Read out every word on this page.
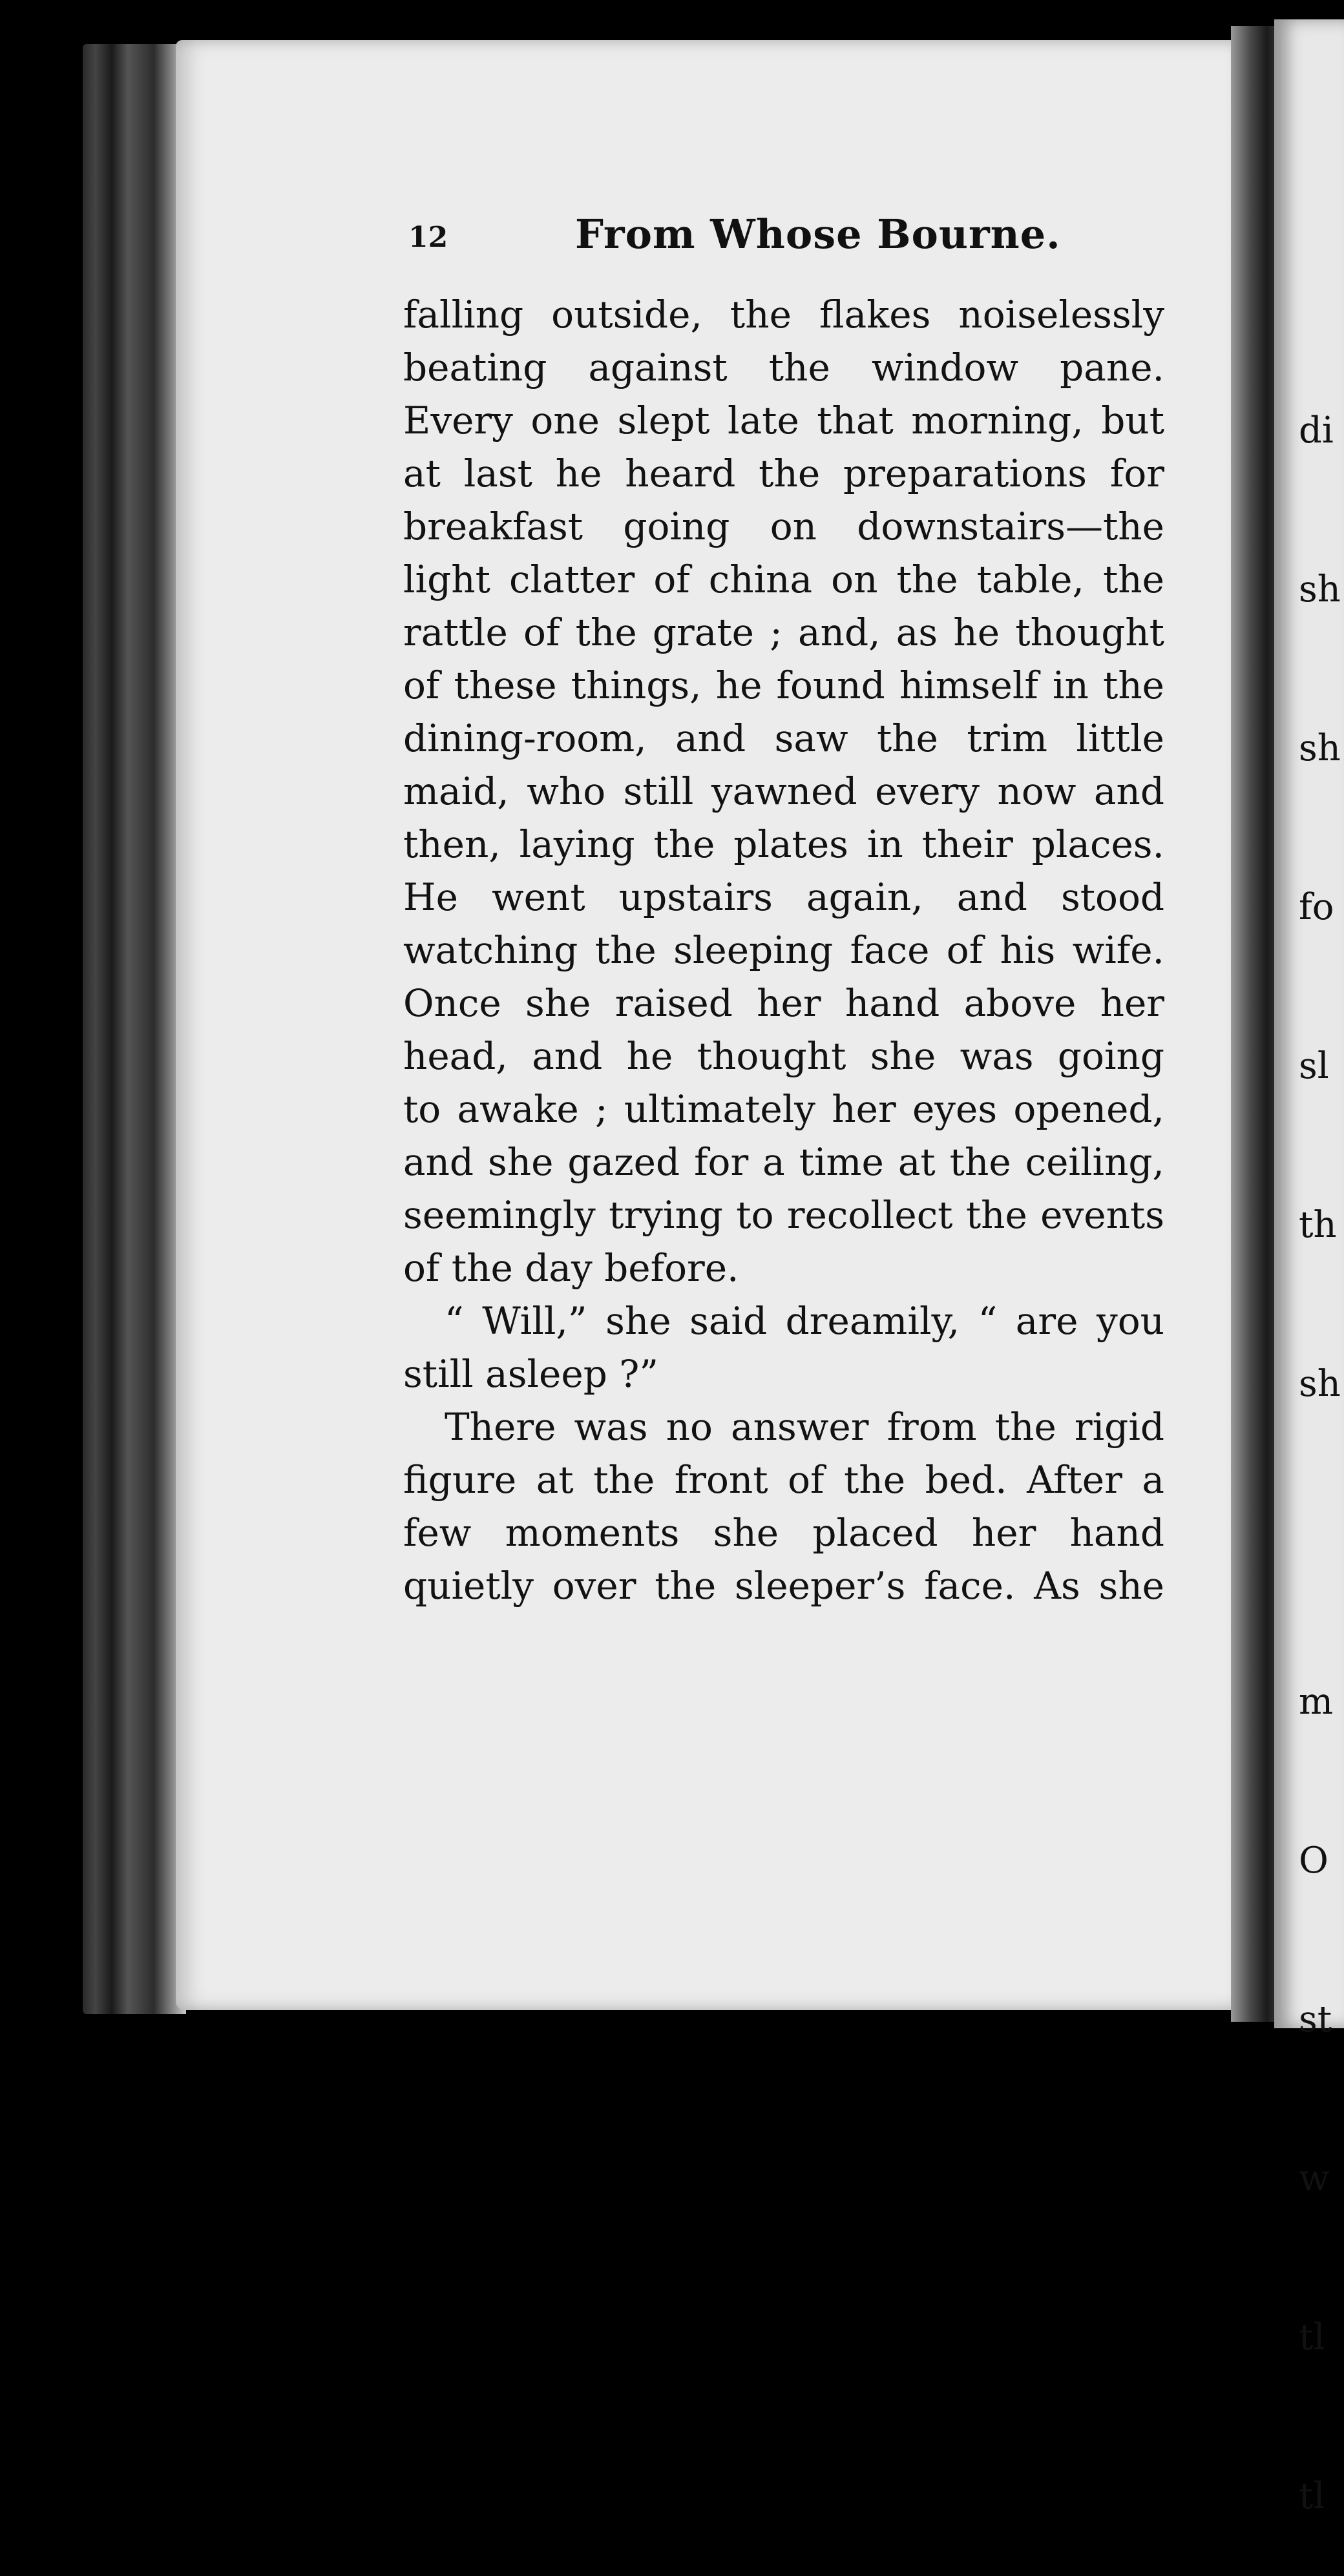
di

sh

sh

fo

sl

th

sh

m

O

st

w

tl

tl

12	From Whose Bourne.
falling outside, the flakes noiselessly
beating against the window pane.
Every one slept late that morning, but
at last he heard the preparations for
breakfast going on downstairs—the
light clatter of china on the table, the
rattle of the grate ; and, as he thought
of these things, he found himself in the
dining-room, and saw the trim little
maid, who still yawned every now and
then, laying the plates in their places.
He went upstairs again, and stood
watching the sleeping face of his wife.
Once she raised her hand above her
head, and he thought she was going
to awake ; ultimately her eyes opened,
and she gazed for a time at the ceiling,
seemingly trying to recollect the events
of the day before.
“ Will,” she said dreamily, “ are you
still asleep ?”
There was no answer from the rigid
figure at the front of the bed. After a
few moments she placed her hand
quietly over the sleeper’s face. As she
